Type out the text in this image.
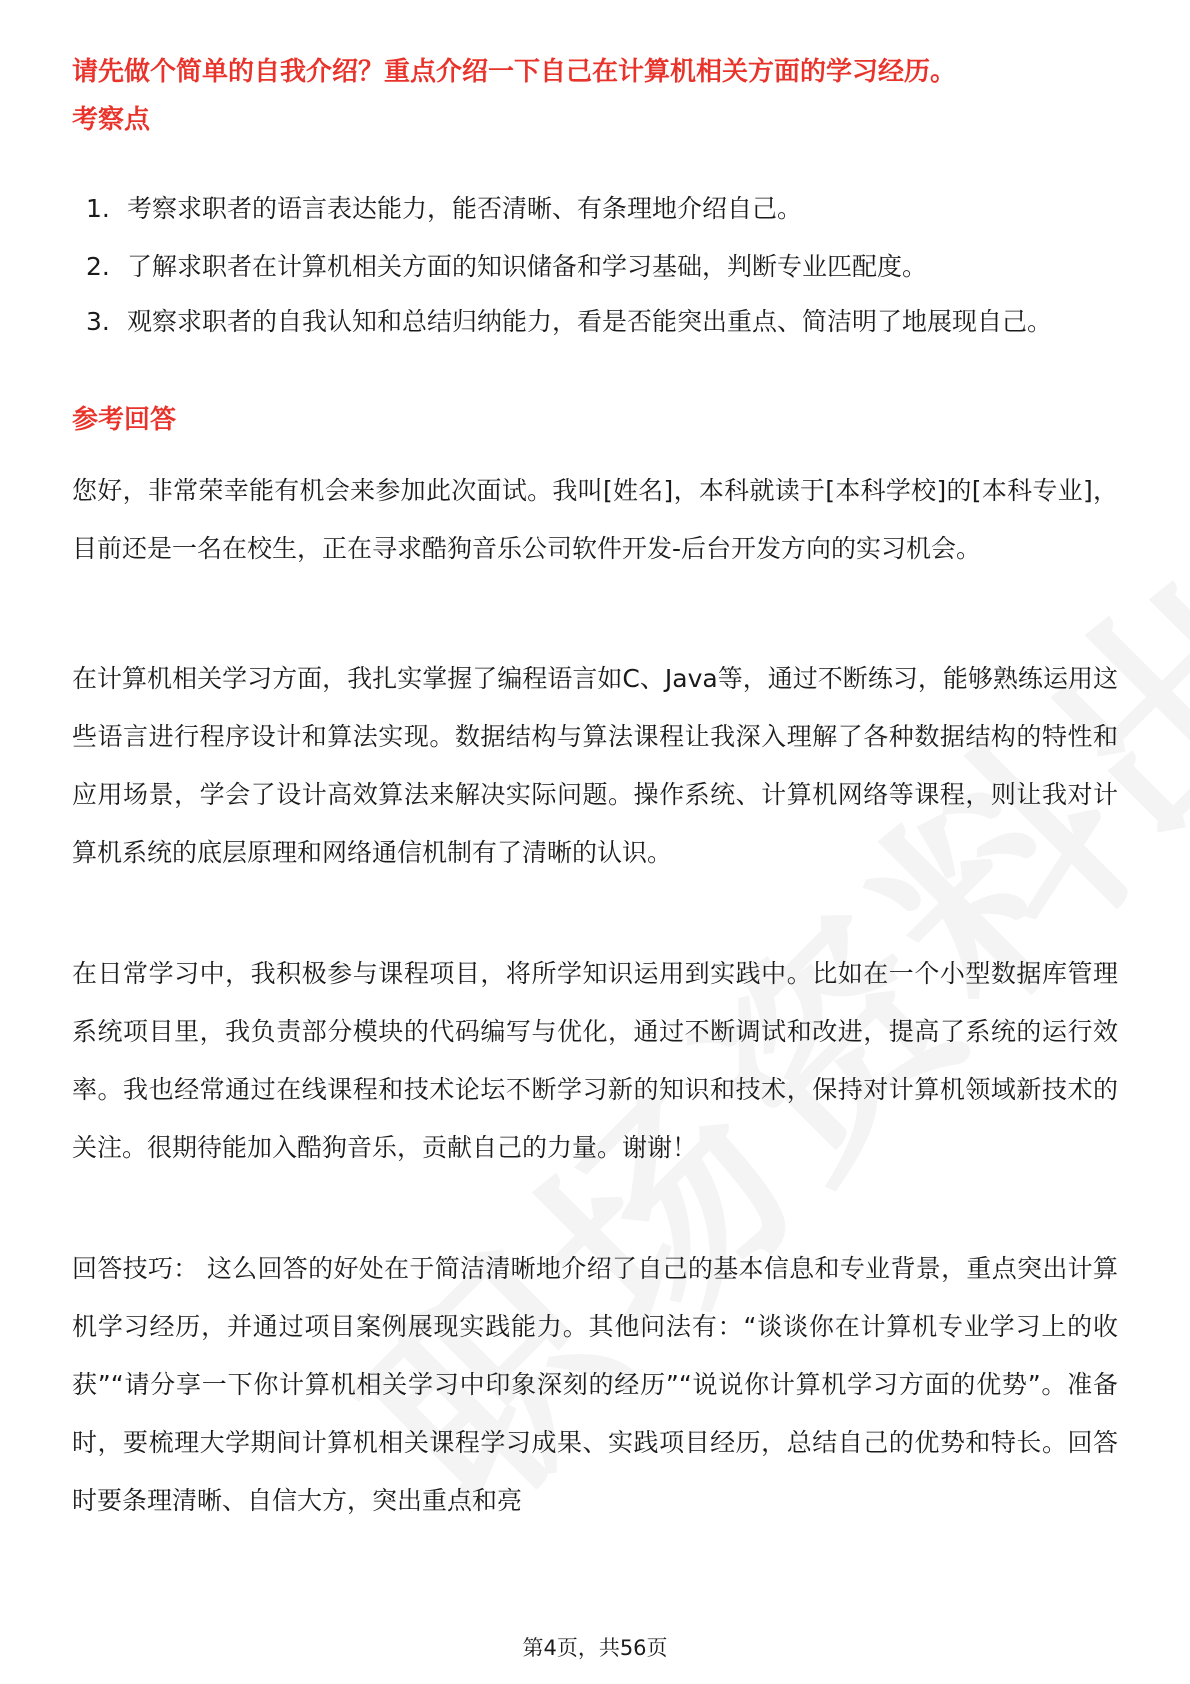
请先做个简单的自我介绍？重点介绍一下自己在计算机相关方面的学习经历。
考察点
1. 考察求职者的语言表达能力，能否清晰、有条理地介绍自己。
2. 了解求职者在计算机相关方面的知识储备和学习基础，判断专业匹配度。
3. 观察求职者的自我认知和总结归纳能力，看是否能突出重点、简洁明了地展现自己。
参考回答

您好，非常荣幸能有机会来参加此次面试。我叫[姓名]，本科就读于[本科学校]的[本科专业]，目前还是一名在校生，正在寻求酷狗音乐公司软件开发-后台开发方向的实习机会。

在计算机相关学习方面，我扎实掌握了编程语言如C、Java等，通过不断练习，能够熟练运用这些语言进行程序设计和算法实现。数据结构与算法课程让我深入理解了各种数据结构的特性和应用场景，学会了设计高效算法来解决实际问题。操作系统、计算机网络等课程，则让我对计算机系统的底层原理和网络通信机制有了清晰的认识。

在日常学习中，我积极参与课程项目，将所学知识运用到实践中。比如在一个小型数据库管理系统项目里，我负责部分模块的代码编写与优化，通过不断调试和改进，提高了系统的运行效率。我也经常通过在线课程和技术论坛不断学习新的知识和技术，保持对计算机领域新技术的关注。很期待能加入酷狗音乐，贡献自己的力量。谢谢！

回答技巧： 这么回答的好处在于简洁清晰地介绍了自己的基本信息和专业背景，重点突出计算机学习经历，并通过项目案例展现实践能力。其他问法有：“谈谈你在计算机专业学习上的收获”“请分享一下你计算机相关学习中印象深刻的经历”“说说你计算机学习方面的优势”。准备时，要梳理大学期间计算机相关课程学习成果、实践项目经历，总结自己的优势和特长。回答时要条理清晰、自信大方，突出重点和亮

第4页，共56页
